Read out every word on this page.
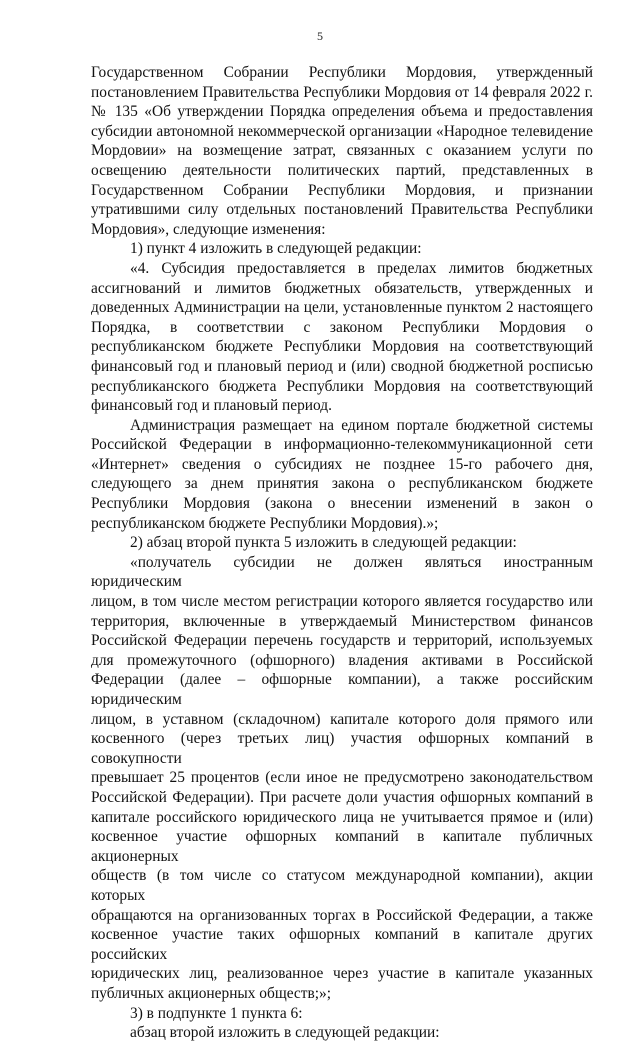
5

Государственном Собрании Республики Мордовия, утвержденный

постановлением Правительства Республики Мордовия от 14 февраля 2022 г.

№ 135 «Об утверждении Порядка определения объема и предоставления

субсидии автономной некоммерческой организации «Народное телевидение

Мордовии» на возмещение затрат, связанных с оказанием услуги по

освещению деятельности политических партий, представленных в

Государственном Собрании Республики Мордовия, и признании

утратившими силу отдельных постановлений Правительства Республики

Мордовия», следующие изменения:

1) пункт 4 изложить в следующей редакции:

«4. Субсидия предоставляется в пределах лимитов бюджетных

ассигнований и лимитов бюджетных обязательств, утвержденных и

доведенных Администрации на цели, установленные пунктом 2 настоящего

Порядка, в соответствии с законом Республики Мордовия о

республиканском бюджете Республики Мордовия на соответствующий

финансовый год и плановый период и (или) сводной бюджетной росписью

республиканского бюджета Республики Мордовия на соответствующий

финансовый год и плановый период.

Администрация размещает на едином портале бюджетной системы

Российской Федерации в информационно-телекоммуникационной сети

«Интернет» сведения о субсидиях не позднее 15-го рабочего дня,

следующего за днем принятия закона о республиканском бюджете

Республики Мордовия (закона о внесении изменений в закон о

республиканском бюджете Республики Мордовия).»;

2) абзац второй пункта 5 изложить в следующей редакции:

«получатель субсидии не должен являться иностранным юридическим

лицом, в том числе местом регистрации которого является государство или

территория, включенные в утверждаемый Министерством финансов

Российской Федерации перечень государств и территорий, используемых

для промежуточного (офшорного) владения активами в Российской

Федерации (далее – офшорные компании), а также российским юридическим

лицом, в уставном (складочном) капитале которого доля прямого или

косвенного (через третьих лиц) участия офшорных компаний в совокупности

превышает 25 процентов (если иное не предусмотрено законодательством

Российской Федерации). При расчете доли участия офшорных компаний в

капитале российского юридического лица не учитывается прямое и (или)

косвенное участие офшорных компаний в капитале публичных акционерных

обществ (в том числе со статусом международной компании), акции которых

обращаются на организованных торгах в Российской Федерации, а также

косвенное участие таких офшорных компаний в капитале других российских

юридических лиц, реализованное через участие в капитале указанных

публичных акционерных обществ;»;

3) в подпункте 1 пункта 6:

абзац второй изложить в следующей редакции:
